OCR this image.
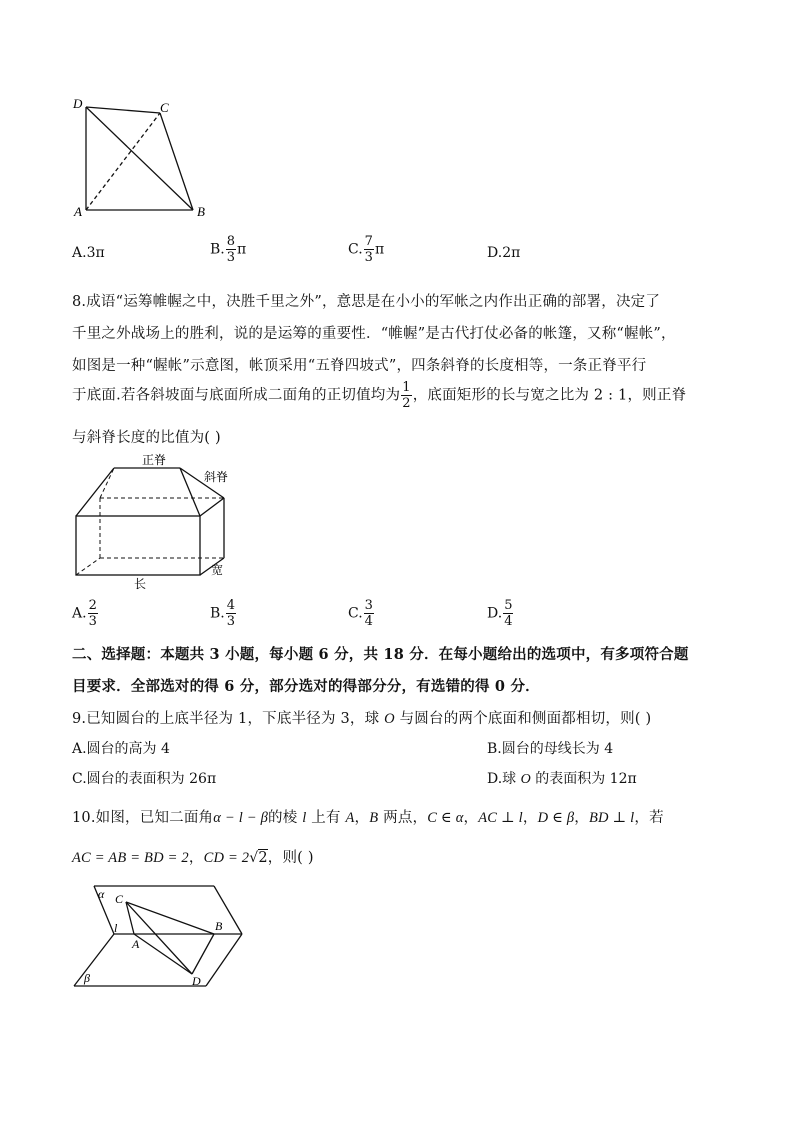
D	C
A	B
A.3π	B. $\frac{8}{3}$ π	C. $\frac{7}{3}$ π	D.2π
8.成语“运筹帷幄之中，决胜千里之外”，意思是在小小的军帐之内作出正确的部署，决定了
千里之外战场上的胜利，说的是运筹的重要性．“帷幄”是古代打仗必备的帐篷，又称“幄帐”，
如图是一种“幄帐”示意图，帐顶采用“五脊四坡式”，四条斜脊的长度相等，一条正脊平行
于底面.若各斜坡面与底面所成二面角的正切值均为 $\frac{1}{2}$ ，底面矩形的长与宽之比为 2 : 1，则正脊
与斜脊长度的比值为( )
正脊
斜脊
长
宽
A. $\frac{2}{3}$	B. $\frac{4}{3}$	C. $\frac{3}{4}$	D. $\frac{5}{4}$
二、选择题：本题共 3 小题，每小题 6 分，共 18 分．在每小题给出的选项中，有多项符合题
目要求．全部选对的得 6 分，部分选对的得部分分，有选错的得 0 分．
9.已知圆台的上底半径为 1，下底半径为 3，球 O 与圆台的两个底面和侧面都相切，则( )
A.圆台的高为 4	B.圆台的母线长为 4
C.圆台的表面积为 26π	D.球 O 的表面积为 12π
10.如图，已知二面角α − l − β的棱 l 上有 A，B 两点，C ∈ α，AC ⊥ l，D ∈ β，BD ⊥ l，若
AC = AB = BD = 2，CD = 2√2，则( )
α
β
l
C
A
B
D
